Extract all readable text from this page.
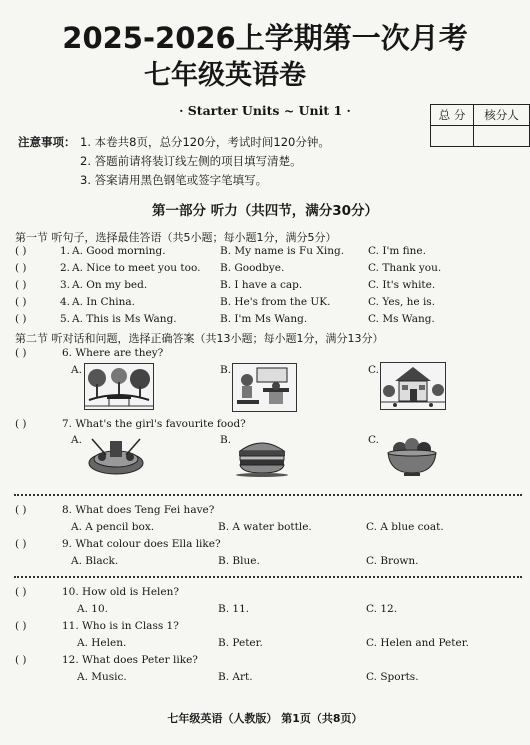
2025-2026上学期第一次月考
七年级英语卷
· Starter Units ~ Unit 1 ·	总 分	核分人

注意事项： 1. 本卷共8页，总分120分，考试时间120分钟。
2. 答题前请将装订线左侧的项目填写清楚。
3. 答案请用黑色钢笔或签字笔填写。
第一部分 听力（共四节，满分30分）
第一节 听句子，选择最佳答语（共5小题；每小题1分，满分5分）
( )	1. A. Good morning.	B. My name is Fu Xing. C. I'm fine.
( )	2. A. Nice to meet you too. B. Goodbye.	C. Thank you.
( )	3. A. On my bed.	B. I have a cap.	C. It's white.
( )	4. A. In China.	B. He's from the UK.	C. Yes, he is.
( )	5. A. This is Ms Wang.	B. I'm Ms Wang.	C. Ms Wang.
第二节 听对话和问题，选择正确答案（共13小题；每小题1分，满分13分）
( )	6. Where are they?
A.	B.	C.
( )	7. What's the girl's favourite food?
A.	B.	C.
( )	8. What does Teng Fei have?
A. A pencil box.	B. A water bottle.	C. A blue coat.
( )	9. What colour does Ella like?
A. Black.	B. Blue.	C. Brown.
( )	10. How old is Helen?
A. 10.	B. 11.	C. 12.
( )	11. Who is in Class 1?
A. Helen.	B. Peter.	C. Helen and Peter.
( )	12. What does Peter like?
A. Music.	B. Art.	C. Sports.
七年级英语（人教版） 第1页（共8页）
